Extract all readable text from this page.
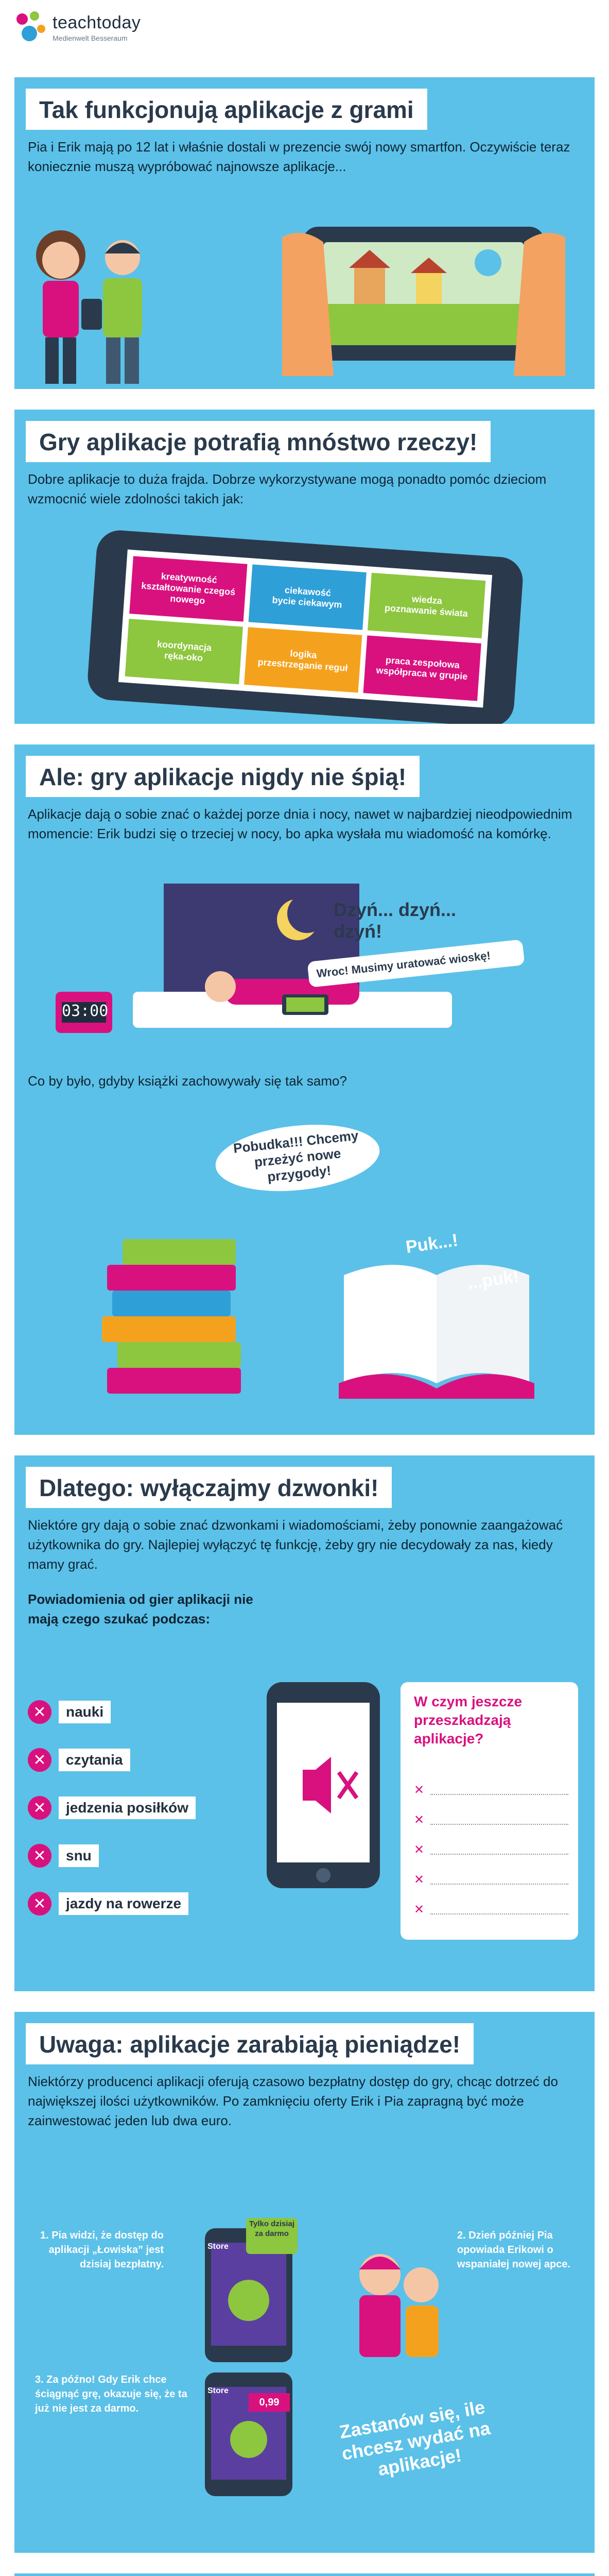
teachtoday
Medienwelt Besseraum
Tak funkcjonują aplikacje z grami
Pia i Erik mają po 12 lat i właśnie dostali w prezencie swój nowy smartfon. Oczywiście teraz koniecznie muszą wypróbować najnowsze aplikacje...
Gry aplikacje potrafią mnóstwo rzeczy!
Dobre aplikacje to duża frajda. Dobrze wykorzystywane mogą ponadto pomóc dzieciom wzmocnić wiele zdolności takich jak:
kreatywność
kształtowanie czegoś nowego
ciekawość
bycie ciekawym	wiedza
poznawanie świata
koordynacja
ręka-oko	logika
przestrzeganie reguł	praca zespołowa
współpraca w grupie
Ale: gry aplikacje nigdy nie śpią!
Aplikacje dają o sobie znać o każdej porze dnia i nocy, nawet w najbardziej nieodpowiednim momencie: Erik budzi się o trzeciej w nocy, bo apka wysłała mu wiadomość na komórkę.
03:00
Dzyń... dzyń... dzyń!
Wroc! Musimy uratować wioskę!
Co by było, gdyby książki zachowywały się tak samo?
Pobudka!!! Chcemy przeżyć nowe przygody!
Puk...!
...puk!
Dlatego: wyłączajmy dzwonki!
Niektóre gry dają o sobie znać dzwonkami i wiadomościami, żeby ponownie zaangażować użytkownika do gry. Najlepiej wyłączyć tę funkcję, żeby gry nie decydowały za nas, kiedy mamy grać.
Powiadomienia od gier aplikacji nie mają czego szukać podczas:
✕	nauki
✕	czytania
✕	jedzenia posiłków
✕	snu
✕	jazdy na rowerze
W czym jeszcze przeszkadzają aplikacje?
✕
✕
✕
✕
✕
Uwaga: aplikacje zarabiają pieniądze!
Niektórzy producenci aplikacji oferują czasowo bezpłatny dostęp do gry, chcąc dotrzeć do największej ilości użytkowników. Po zamknięciu oferty Erik i Pia zapragną być może zainwestować jeden lub dwa euro.
1. Pia widzi, że dostęp do aplikacji „Łowiska” jest dzisiaj bezpłatny.
2. Dzień później Pia opowiada Erikowi o wspaniałej nowej apce.
3. Za późno! Gdy Erik chce ściągnąć grę, okazuje się, że ta już nie jest za darmo.
Store
Tylko dzisiaj za darmo
Store
0,99	Zastanów się, ile chcesz wydać na aplikacje!
